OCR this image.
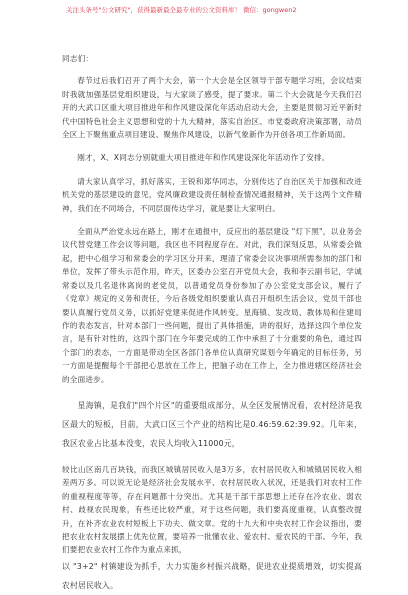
关注头条号"公文研究"，获得最新最全最专业的公文资料库！ 微信：gongwen2

同志们：

春节过后我们召开了两个大会，第一个大会是全区领导干部专题学习班，会议结束时我就加强基层党组织建设，与大家谈了感受，提了要求。第二个大会就是今天我们召开的大武口区重大项目推进年和作风建设深化年活动启动大会，主要是贯彻习近平新时代中国特色社会主义思想和党的十九大精神，落实自治区、市党委政府决策部署，动员全区上下聚焦重点项目建设、聚焦作风建设，以新气象新作为开创各项工作新局面。

刚才，X、X同志分别就重大项目推进年和作风建设深化年活动作了安排。

请大家认真学习，抓好落实，王锐和郑华同志，分别传达了自治区关于加强和改进机关党的基层建设的意见，党风廉政建设责任制检查情况通报精神，关于这两个文件精神，我们在不同场合，不同层面传达学习，就是要让大家明白。

全面从严治党永远在路上，刚才在通报中，反应出的基层建设 "灯下黑"，以业务会议代替党建工作会议等问题，我区也不同程度存在。对此，我们深刻反思，从常委会做起，把中心组学习和常委会的学习区分开来，理清了常委会议决事项所需参加的部门和单位，发挥了带头示范作用，昨天，区委办公室召开党员大会，我和李云副书记，学诚常委以及几名退休离岗的老党员，以普通党员身份参加了办公室党支部会议，履行了《党章》规定的义务和责任，今后各级党组织要重认真召开组织生活会议，党员干部也要认真履行党员义务，以抓好党建来促进作风转变。星海镇、发改局、教体局和住建局作的表态发言，针对本部门一些问题，提出了具体措施，讲的很好，选择这四个单位发言，是有针对性的，这四个部门在今年要完成的工作中承担了十分重要的角色，通过四个部门的表态，一方面是带动全区各部门各单位认真研究谋划今年确定的目标任务，另一方面是提醒每个干部把心思放在工作上，把脑子动在工作上，全力推进辖区经济社会的全面进步。

星海镇，是我们"四个片区"的重要组成部分，从全区发展情况看，农村经济是我区最大的短板，目前，大武口区三个产业的结构比是0.46:59.62:39.92。几年来，我区农业占比基本没变，农民人均收入11000元，

较比山区南几百块钱，而我区城镇居民收入是3万多，农村居民收入和城镇居民收入相差两万多。可以说无论是经济社会发展水平、农村居民收入状况，还是我们对农村工作的重视程度等等，存在问题都十分突出。尤其是干部干部思想上还存在冷农业、弱农村、歧视农民现象，有些还比较严重，对于这些问题，我们要高度重视，认真整改提升，在补齐农业农村短板上下功夫、做文章。党的十九大和中央农村工作会议指出，要把农业农村发展摆上优先位置，要培养一批懂农业、爱农村、爱农民的干部。今年，我们要把农业农村工作作为重点来抓，

以 "3+2" 村镇建设为抓手，大力实施乡村振兴战略，促进农业提质增效，切实提高农村居民收入。
